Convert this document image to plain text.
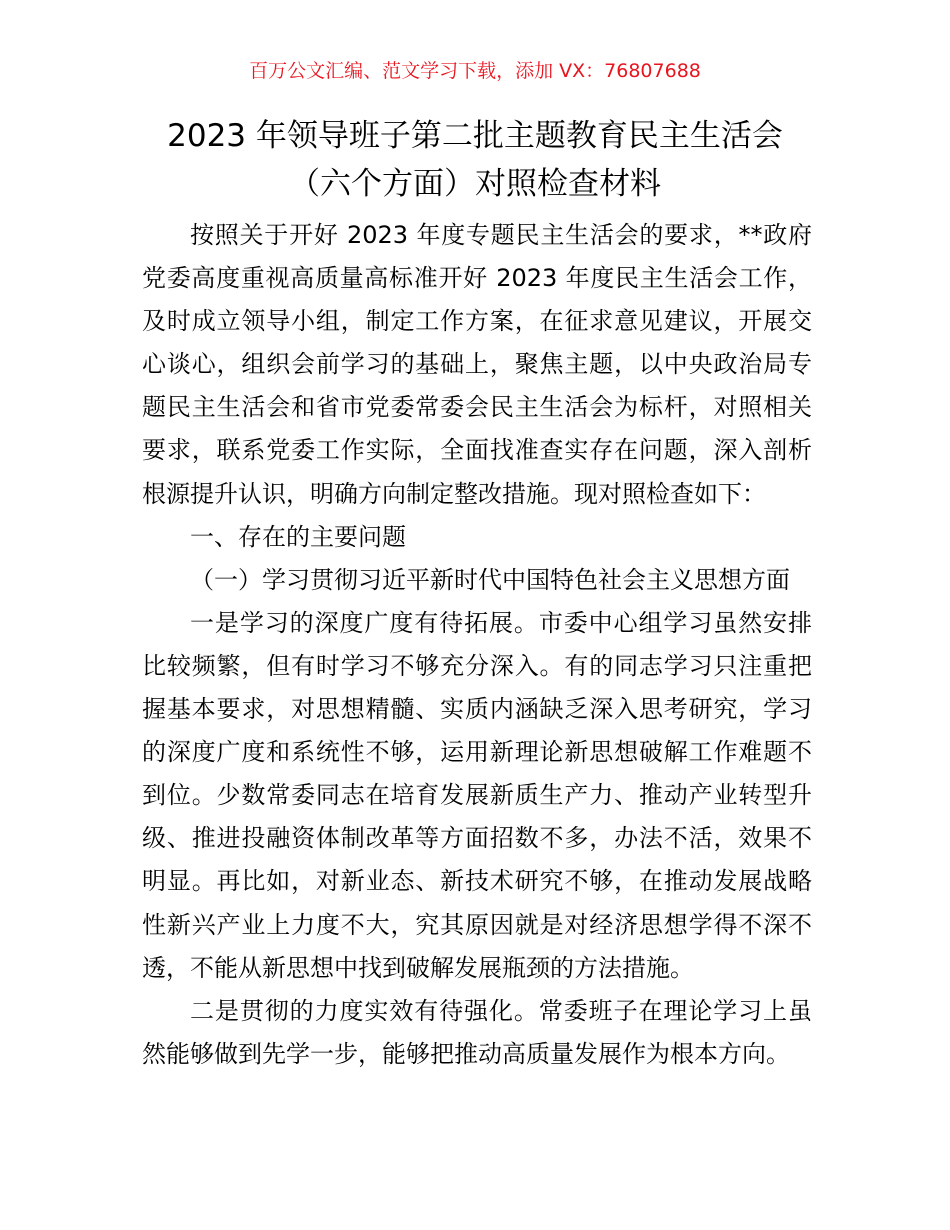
百万公文汇编、范文学习下载，添加 VX：76807688
2023 年领导班子第二批主题教育民主生活会
（六个方面）对照检查材料

按照关于开好 2023 年度专题民主生活会的要求，**政府党委高度重视高质量高标准开好 2023 年度民主生活会工作，及时成立领导小组，制定工作方案，在征求意见建议，开展交心谈心，组织会前学习的基础上，聚焦主题，以中央政治局专题民主生活会和省市党委常委会民主生活会为标杆，对照相关要求，联系党委工作实际，全面找准查实存在问题，深入剖析根源提升认识，明确方向制定整改措施。现对照检查如下：

一、存在的主要问题

（一）学习贯彻习近平新时代中国特色社会主义思想方面

一是学习的深度广度有待拓展。市委中心组学习虽然安排比较频繁，但有时学习不够充分深入。有的同志学习只注重把握基本要求，对思想精髓、实质内涵缺乏深入思考研究，学习的深度广度和系统性不够，运用新理论新思想破解工作难题不到位。少数常委同志在培育发展新质生产力、推动产业转型升级、推进投融资体制改革等方面招数不多，办法不活，效果不明显。再比如，对新业态、新技术研究不够，在推动发展战略性新兴产业上力度不大，究其原因就是对经济思想学得不深不透，不能从新思想中找到破解发展瓶颈的方法措施。

二是贯彻的力度实效有待强化。常委班子在理论学习上虽然能够做到先学一步，能够把推动高质量发展作为根本方向。
